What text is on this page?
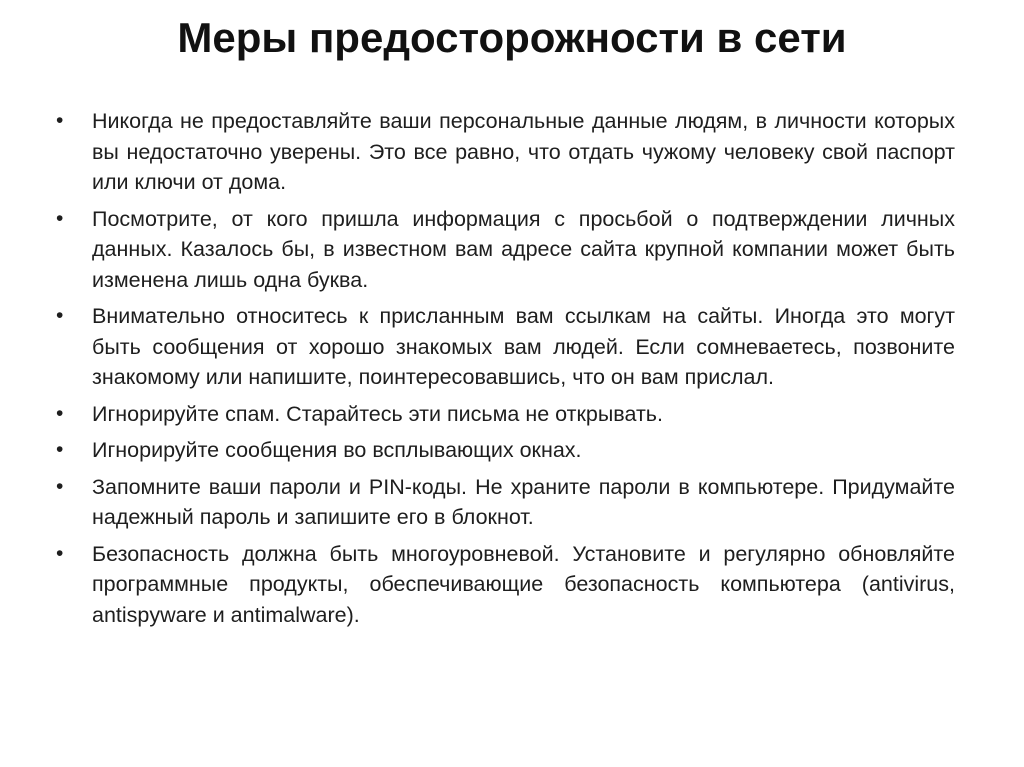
Меры предосторожности в сети
•	Никогда не предоставляйте ваши персональные данные людям, в личности которых вы недостаточно уверены. Это все равно, что отдать чужому человеку свой паспорт или ключи от дома.
•	Посмотрите, от кого пришла информация с просьбой о подтверждении личных данных. Казалось бы, в известном вам адресе сайта крупной компании может быть изменена лишь одна буква.
•	Внимательно относитесь к присланным вам ссылкам на сайты. Иногда это могут быть сообщения от хорошо знакомых вам людей. Если сомневаетесь, позвоните знакомому или напишите, поинтересовавшись, что он вам прислал.
•	Игнорируйте спам. Старайтесь эти письма не открывать.
•	Игнорируйте сообщения во всплывающих окнах.
•	Запомните ваши пароли и PIN-коды. Не храните пароли в компьютере. Придумайте надежный пароль и запишите его в блокнот.
•	Безопасность должна быть многоуровневой. Установите и регулярно обновляйте программные продукты, обеспечивающие безопасность компьютера (antivirus, antispyware и antimalware).
